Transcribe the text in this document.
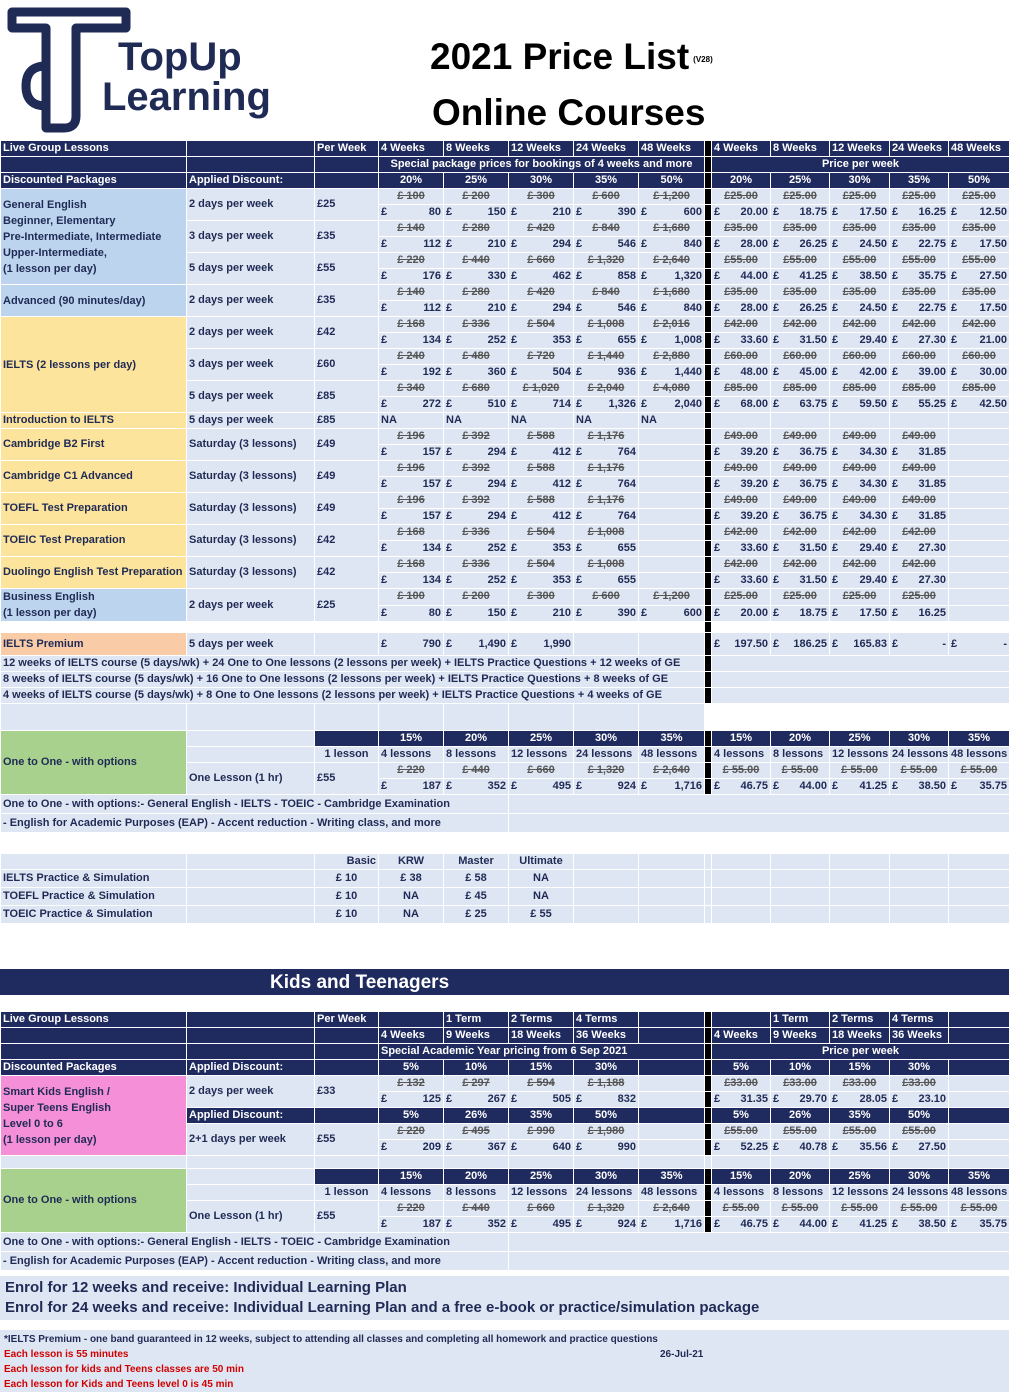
TopUp
Learning
2021 Price List (V28)
Online Courses
Live Group Lessons		Per Week	4 Weeks	8 Weeks	12 Weeks	24 Weeks	48 Weeks		4 Weeks	8 Weeks	12 Weeks	24 Weeks	48 Weeks
			Special package prices for bookings of 4 weeks and more						Price per week				
Discounted Packages	Applied Discount:		20%	25%	30%	35%	50%		20%	25%	30%	35%	50%
General English
Beginner, Elementary
Pre-Intermediate, Intermediate
Upper-Intermediate,
(1 lesson per day)	2 days per week	£ 25	£ 100	£ 200	£ 300	£ 600	£ 1,200		£25.00	£25.00	£25.00	£25.00	£25.00

			£ 80	£ 150	£ 210	£ 390	£ 600		£ 20.00	£ 18.75	£ 17.50	£ 16.25	£ 12.50
	3 days per week	£ 35	£ 140	£ 280	£ 420	£ 840	£ 1,680		£35.00	£35.00	£35.00	£35.00	£35.00

			£ 112	£ 210	£ 294	£ 546	£ 840		£ 28.00	£ 26.25	£ 24.50	£ 22.75	£ 17.50
	5 days per week	£ 55	£ 220	£ 440	£ 660	£ 1,320	£ 2,640		£55.00	£55.00	£55.00	£55.00	£55.00

			£ 176	£ 330	£ 462	£ 858	£ 1,320		£ 44.00	£ 41.25	£ 38.50	£ 35.75	£ 27.50
Advanced (90 minutes/day)	2 days per week	£ 35	£ 140	£ 280	£ 420	£ 840	£ 1,680		£35.00	£35.00	£35.00	£35.00	£35.00

			£ 112	£ 210	£ 294	£ 546	£ 840		£ 28.00	£ 26.25	£ 24.50	£ 22.75	£ 17.50
IELTS (2 lessons per day)	2 days per week	£ 42	£ 168	£ 336	£ 504	£ 1,008	£ 2,016		£42.00	£42.00	£42.00	£42.00	£42.00

			£ 134	£ 252	£ 353	£ 655	£ 1,008		£ 33.60	£ 31.50	£ 29.40	£ 27.30	£ 21.00
	3 days per week	£ 60	£ 240	£ 480	£ 720	£ 1,440	£ 2,880		£60.00	£60.00	£60.00	£60.00	£60.00

			£ 192	£ 360	£ 504	£ 936	£ 1,440		£ 48.00	£ 45.00	£ 42.00	£ 39.00	£ 30.00
	5 days per week	£ 85	£ 340	£ 680	£ 1,020	£ 2,040	£ 4,080		£85.00	£85.00	£85.00	£85.00	£85.00

			£ 272	£ 510	£ 714	£ 1,326	£ 2,040		£ 68.00	£ 63.75	£ 59.50	£ 55.25	£ 42.50
Introduction to IELTS	5 days per week	£ 85	NA	NA	NA	NA	NA						
Cambridge B2 First	Saturday (3 lessons)	£ 49	£ 196	£ 392	£ 588	£ 1,176			£49.00	£49.00	£49.00	£49.00	

			£ 157	£ 294	£ 412	£ 764			£ 39.20	£ 36.75	£ 34.30	£ 31.85	
Cambridge C1 Advanced	Saturday (3 lessons)	£ 49	£ 196	£ 392	£ 588	£ 1,176			£49.00	£49.00	£49.00	£49.00	

			£ 157	£ 294	£ 412	£ 764			£ 39.20	£ 36.75	£ 34.30	£ 31.85	
TOEFL Test Preparation	Saturday (3 lessons)	£ 49	£ 196	£ 392	£ 588	£ 1,176			£49.00	£49.00	£49.00	£49.00	

			£ 157	£ 294	£ 412	£ 764			£ 39.20	£ 36.75	£ 34.30	£ 31.85	
TOEIC Test Preparation	Saturday (3 lessons)	£ 42	£ 168	£ 336	£ 504	£ 1,008			£42.00	£42.00	£42.00	£42.00	

			£ 134	£ 252	£ 353	£ 655			£ 33.60	£ 31.50	£ 29.40	£ 27.30	
Duolingo English Test Preparation	Saturday (3 lessons)	£ 42	£ 168	£ 336	£ 504	£ 1,008			£42.00	£42.00	£42.00	£42.00	

			£ 134	£ 252	£ 353	£ 655			£ 33.60	£ 31.50	£ 29.40	£ 27.30	
Business English
(1 lesson per day)	2 days per week	£ 25	£ 100	£ 200	£ 300	£ 600	£ 1,200		£25.00	£25.00	£25.00	£25.00	

			£ 80	£ 150	£ 210	£ 390	£ 600		£ 20.00	£ 18.75	£ 17.50	£ 16.25	

IELTS Premium	5 days per week		£ 790	£ 1,490	£ 1,990				£ 197.50	£ 186.25	£ 165.83	£ -	£ -
12 weeks of IELTS course (5 days/wk) + 24 One to One lessons (2 lessons per week) + IELTS Practice Questions + 12 weeks of GE													
8 weeks of IELTS course (5 days/wk) + 16 One to One lessons (2 lessons per week) + IELTS Practice Questions + 8 weeks of GE													
4 weeks of IELTS course (5 days/wk) + 8 One to One lessons (2 lessons per week) + IELTS Practice Questions + 4 weeks of GE													

One to One - with options			15%	20%	25%	30%	35%		15%	20%	25%	30%	35%
		1 lesson	4 lessons	8 lessons	12 lessons	24 lessons	48 lessons		4 lessons	8 lessons	12 lessons	24 lessons	48 lessons
	One Lesson (1 hr)	£ 55	£ 220	£ 440	£ 660	£ 1,320	£ 2,640		£ 55.00	£ 55.00	£ 55.00	£ 55.00	£ 55.00

			£ 187	£ 352	£ 495	£ 924	£ 1,716		£ 46.75	£ 44.00	£ 41.25	£ 38.50	£ 35.75
One to One - with options:- General English - IELTS - TOEIC - Cambridge Examination													
- English for Academic Purposes (EAP) - Accent reduction - Writing class, and more													

		Basic	KRW	Master	Ultimate								
IELTS Practice & Simulation		£ 10	£ 38	£ 58	NA								
TOEFL Practice & Simulation		£ 10	NA	£ 45	NA								
TOEIC Practice & Simulation		£ 10	NA	£ 25	£ 55								
Kids and Teenagers
Live Group Lessons		Per Week		1 Term	2 Terms	4 Terms				1 Term	2 Terms	4 Terms	
			4 Weeks	9 Weeks	18 Weeks	36 Weeks			4 Weeks	9 Weeks	18 Weeks	36 Weeks	
			Special Academic Year pricing from 6 Sep 2021						Price per week				
Discounted Packages	Applied Discount:		5%	10%	15%	30%			5%	10%	15%	30%	
Smart Kids English /
Super Teens English
Level 0 to 6
(1 lesson per day)	2 days per week	£ 33	£ 132	£ 297	£ 594	£ 1,188			£33.00	£33.00	£33.00	£33.00	

			£ 125	£ 267	£ 505	£ 832			£ 31.35	£ 29.70	£ 28.05	£ 23.10	
	Applied Discount:		5%	26%	35%	50%			5%	26%	35%	50%	
	2+1 days per week	£ 55	£ 220	£ 495	£ 990	£ 1,980			£55.00	£55.00	£55.00	£55.00	

			£ 209	£ 367	£ 640	£ 990			£ 52.25	£ 40.78	£ 35.56	£ 27.50	

One to One - with options			15%	20%	25%	30%	35%		15%	20%	25%	30%	35%
		1 lesson	4 lessons	8 lessons	12 lessons	24 lessons	48 lessons		4 lessons	8 lessons	12 lessons	24 lessons	48 lessons
	One Lesson (1 hr)	£ 55	£ 220	£ 440	£ 660	£ 1,320	£ 2,640		£ 55.00	£ 55.00	£ 55.00	£ 55.00	£ 55.00

			£ 187	£ 352	£ 495	£ 924	£ 1,716		£ 46.75	£ 44.00	£ 41.25	£ 38.50	£ 35.75
One to One - with options:- General English - IELTS - TOEIC - Cambridge Examination													
- English for Academic Purposes (EAP) - Accent reduction - Writing class, and more													
Enrol for 12 weeks and receive: Individual Learning Plan
Enrol for 24 weeks and receive: Individual Learning Plan and a free e-book or practice/simulation package
*IELTS Premium - one band guaranteed in 12 weeks, subject to attending all classes and completing all homework and practice questions
Each lesson is 55 minutes
Each lesson for kids and Teens classes are 50 min
Each lesson for Kids and Teens level 0 is 45 min
26-Jul-21
